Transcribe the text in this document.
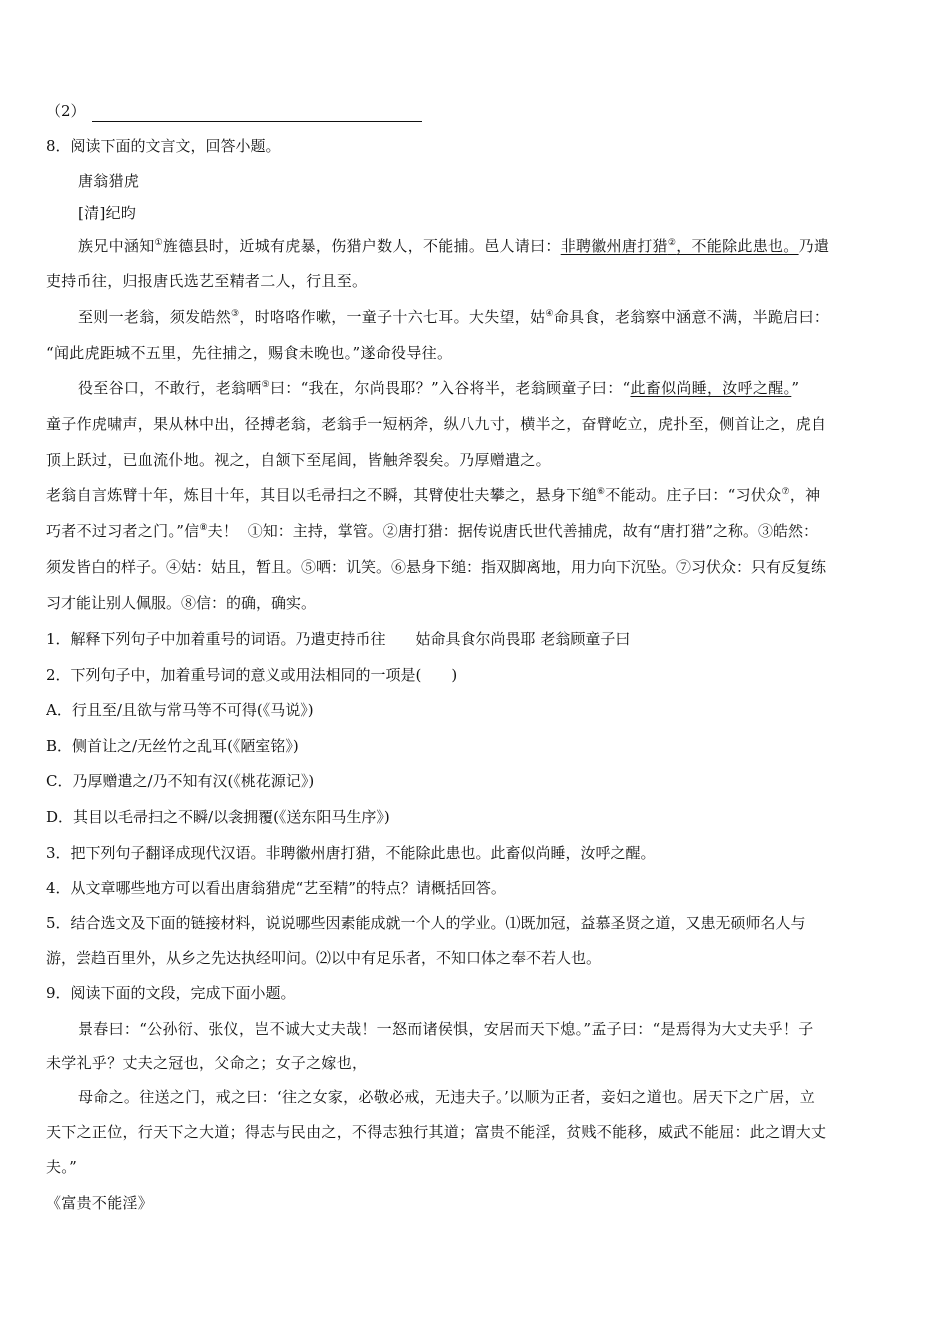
（2）
8．阅读下面的文言文，回答小题。
唐翁猎虎
[清]纪昀
族兄中涵知①旌德县时，近城有虎暴，伤猎户数人，不能捕。邑人请曰：非聘徽州唐打猎②，不能除此患也。乃遣
吏持币往，归报唐氏选艺至精者二人，行且至。
至则一老翁，须发皓然③，时咯咯作嗽，一童子十六七耳。大失望，姑④命具食，老翁察中涵意不满，半跪启曰：
“闻此虎距城不五里，先往捕之，赐食未晚也。”遂命役导往。
役至谷口，不敢行，老翁哂⑤曰：“我在，尔尚畏耶？”入谷将半，老翁顾童子曰：“此畜似尚睡，汝呼之醒。”
童子作虎啸声，果从林中出，径搏老翁，老翁手一短柄斧，纵八九寸，横半之，奋臂屹立，虎扑至，侧首让之，虎自
顶上跃过，已血流仆地。视之，自颔下至尾闾，皆触斧裂矣。乃厚赠遣之。
老翁自言炼臂十年，炼目十年，其目以毛帚扫之不瞬，其臂使壮夫攀之，悬身下缒⑥不能动。庄子曰：“习伏众⑦，神
巧者不过习者之门。”信⑧夫！ ①知：主持，掌管。②唐打猎：据传说唐氏世代善捕虎，故有“唐打猎”之称。③皓然：
须发皆白的样子。④姑：姑且，暂且。⑤哂：讥笑。⑥悬身下缒：指双脚离地，用力向下沉坠。⑦习伏众：只有反复练
习才能让别人佩服。⑧信：的确，确实。
1．解释下列句子中加着重号的词语。乃遣吏持币往　　姑命具食尔尚畏耶 老翁顾童子曰
2．下列句子中，加着重号词的意义或用法相同的一项是(　　)
A．行且至/且欲与常马等不可得(《马说》)
B．侧首让之/无丝竹之乱耳(《陋室铭》)
C．乃厚赠遣之/乃不知有汉(《桃花源记》)
D．其目以毛帚扫之不瞬/以衾拥覆(《送东阳马生序》)
3．把下列句子翻译成现代汉语。非聘徽州唐打猎，不能除此患也。此畜似尚睡，汝呼之醒。
4．从文章哪些地方可以看出唐翁猎虎“艺至精”的特点？请概括回答。
5．结合选文及下面的链接材料，说说哪些因素能成就一个人的学业。⑴既加冠，益慕圣贤之道，又患无硕师名人与
游，尝趋百里外，从乡之先达执经叩问。⑵以中有足乐者，不知口体之奉不若人也。
9．阅读下面的文段，完成下面小题。
景春曰：“公孙衍、张仪，岂不诚大丈夫哉！一怒而诸侯惧，安居而天下熄。”孟子曰：“是焉得为大丈夫乎！子
未学礼乎？丈夫之冠也，父命之；女子之嫁也，
母命之。往送之门，戒之曰：‘往之女家，必敬必戒，无违夫子。’以顺为正者，妾妇之道也。居天下之广居，立
天下之正位，行天下之大道；得志与民由之，不得志独行其道；富贵不能淫，贫贱不能移，威武不能屈：此之谓大丈
夫。”
《富贵不能淫》
